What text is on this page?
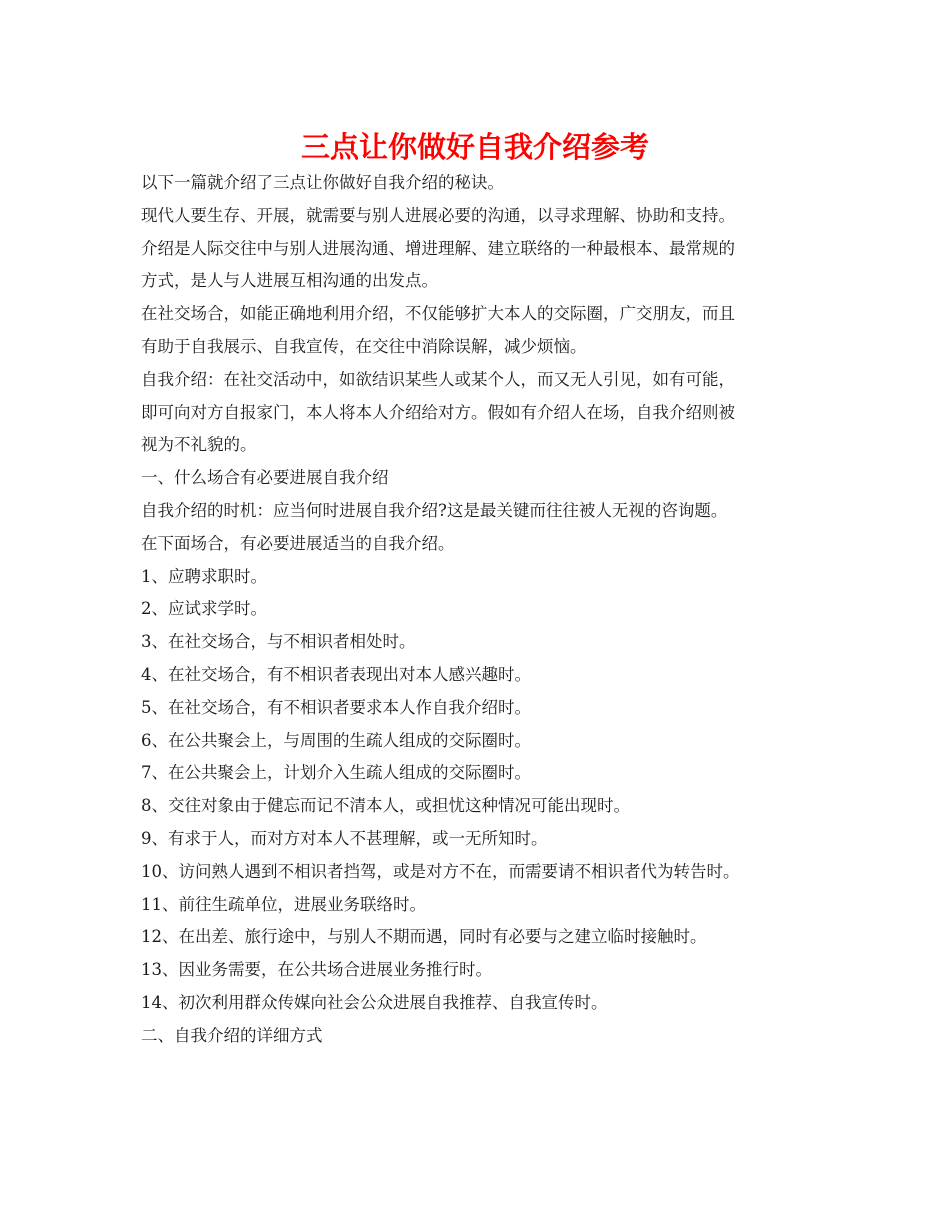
三点让你做好自我介绍参考
以下一篇就介绍了三点让你做好自我介绍的秘诀。
现代人要生存、开展，就需要与别人进展必要的沟通，以寻求理解、协助和支持。
介绍是人际交往中与别人进展沟通、增进理解、建立联络的一种最根本、最常规的
方式，是人与人进展互相沟通的出发点。
在社交场合，如能正确地利用介绍，不仅能够扩大本人的交际圈，广交朋友，而且
有助于自我展示、自我宣传，在交往中消除误解，减少烦恼。
自我介绍：在社交活动中，如欲结识某些人或某个人，而又无人引见，如有可能，
即可向对方自报家门，本人将本人介绍给对方。假如有介绍人在场，自我介绍则被
视为不礼貌的。
一、什么场合有必要进展自我介绍
自我介绍的时机：应当何时进展自我介绍?这是最关键而往往被人无视的咨询题。
在下面场合，有必要进展适当的自我介绍。
1、应聘求职时。
2、应试求学时。
3、在社交场合，与不相识者相处时。
4、在社交场合，有不相识者表现出对本人感兴趣时。
5、在社交场合，有不相识者要求本人作自我介绍时。
6、在公共聚会上，与周围的生疏人组成的交际圈时。
7、在公共聚会上，计划介入生疏人组成的交际圈时。
8、交往对象由于健忘而记不清本人，或担忧这种情况可能出现时。
9、有求于人，而对方对本人不甚理解，或一无所知时。
10、访问熟人遇到不相识者挡驾，或是对方不在，而需要请不相识者代为转告时。
11、前往生疏单位，进展业务联络时。
12、在出差、旅行途中，与别人不期而遇，同时有必要与之建立临时接触时。
13、因业务需要，在公共场合进展业务推行时。
14、初次利用群众传媒向社会公众进展自我推荐、自我宣传时。
二、自我介绍的详细方式
